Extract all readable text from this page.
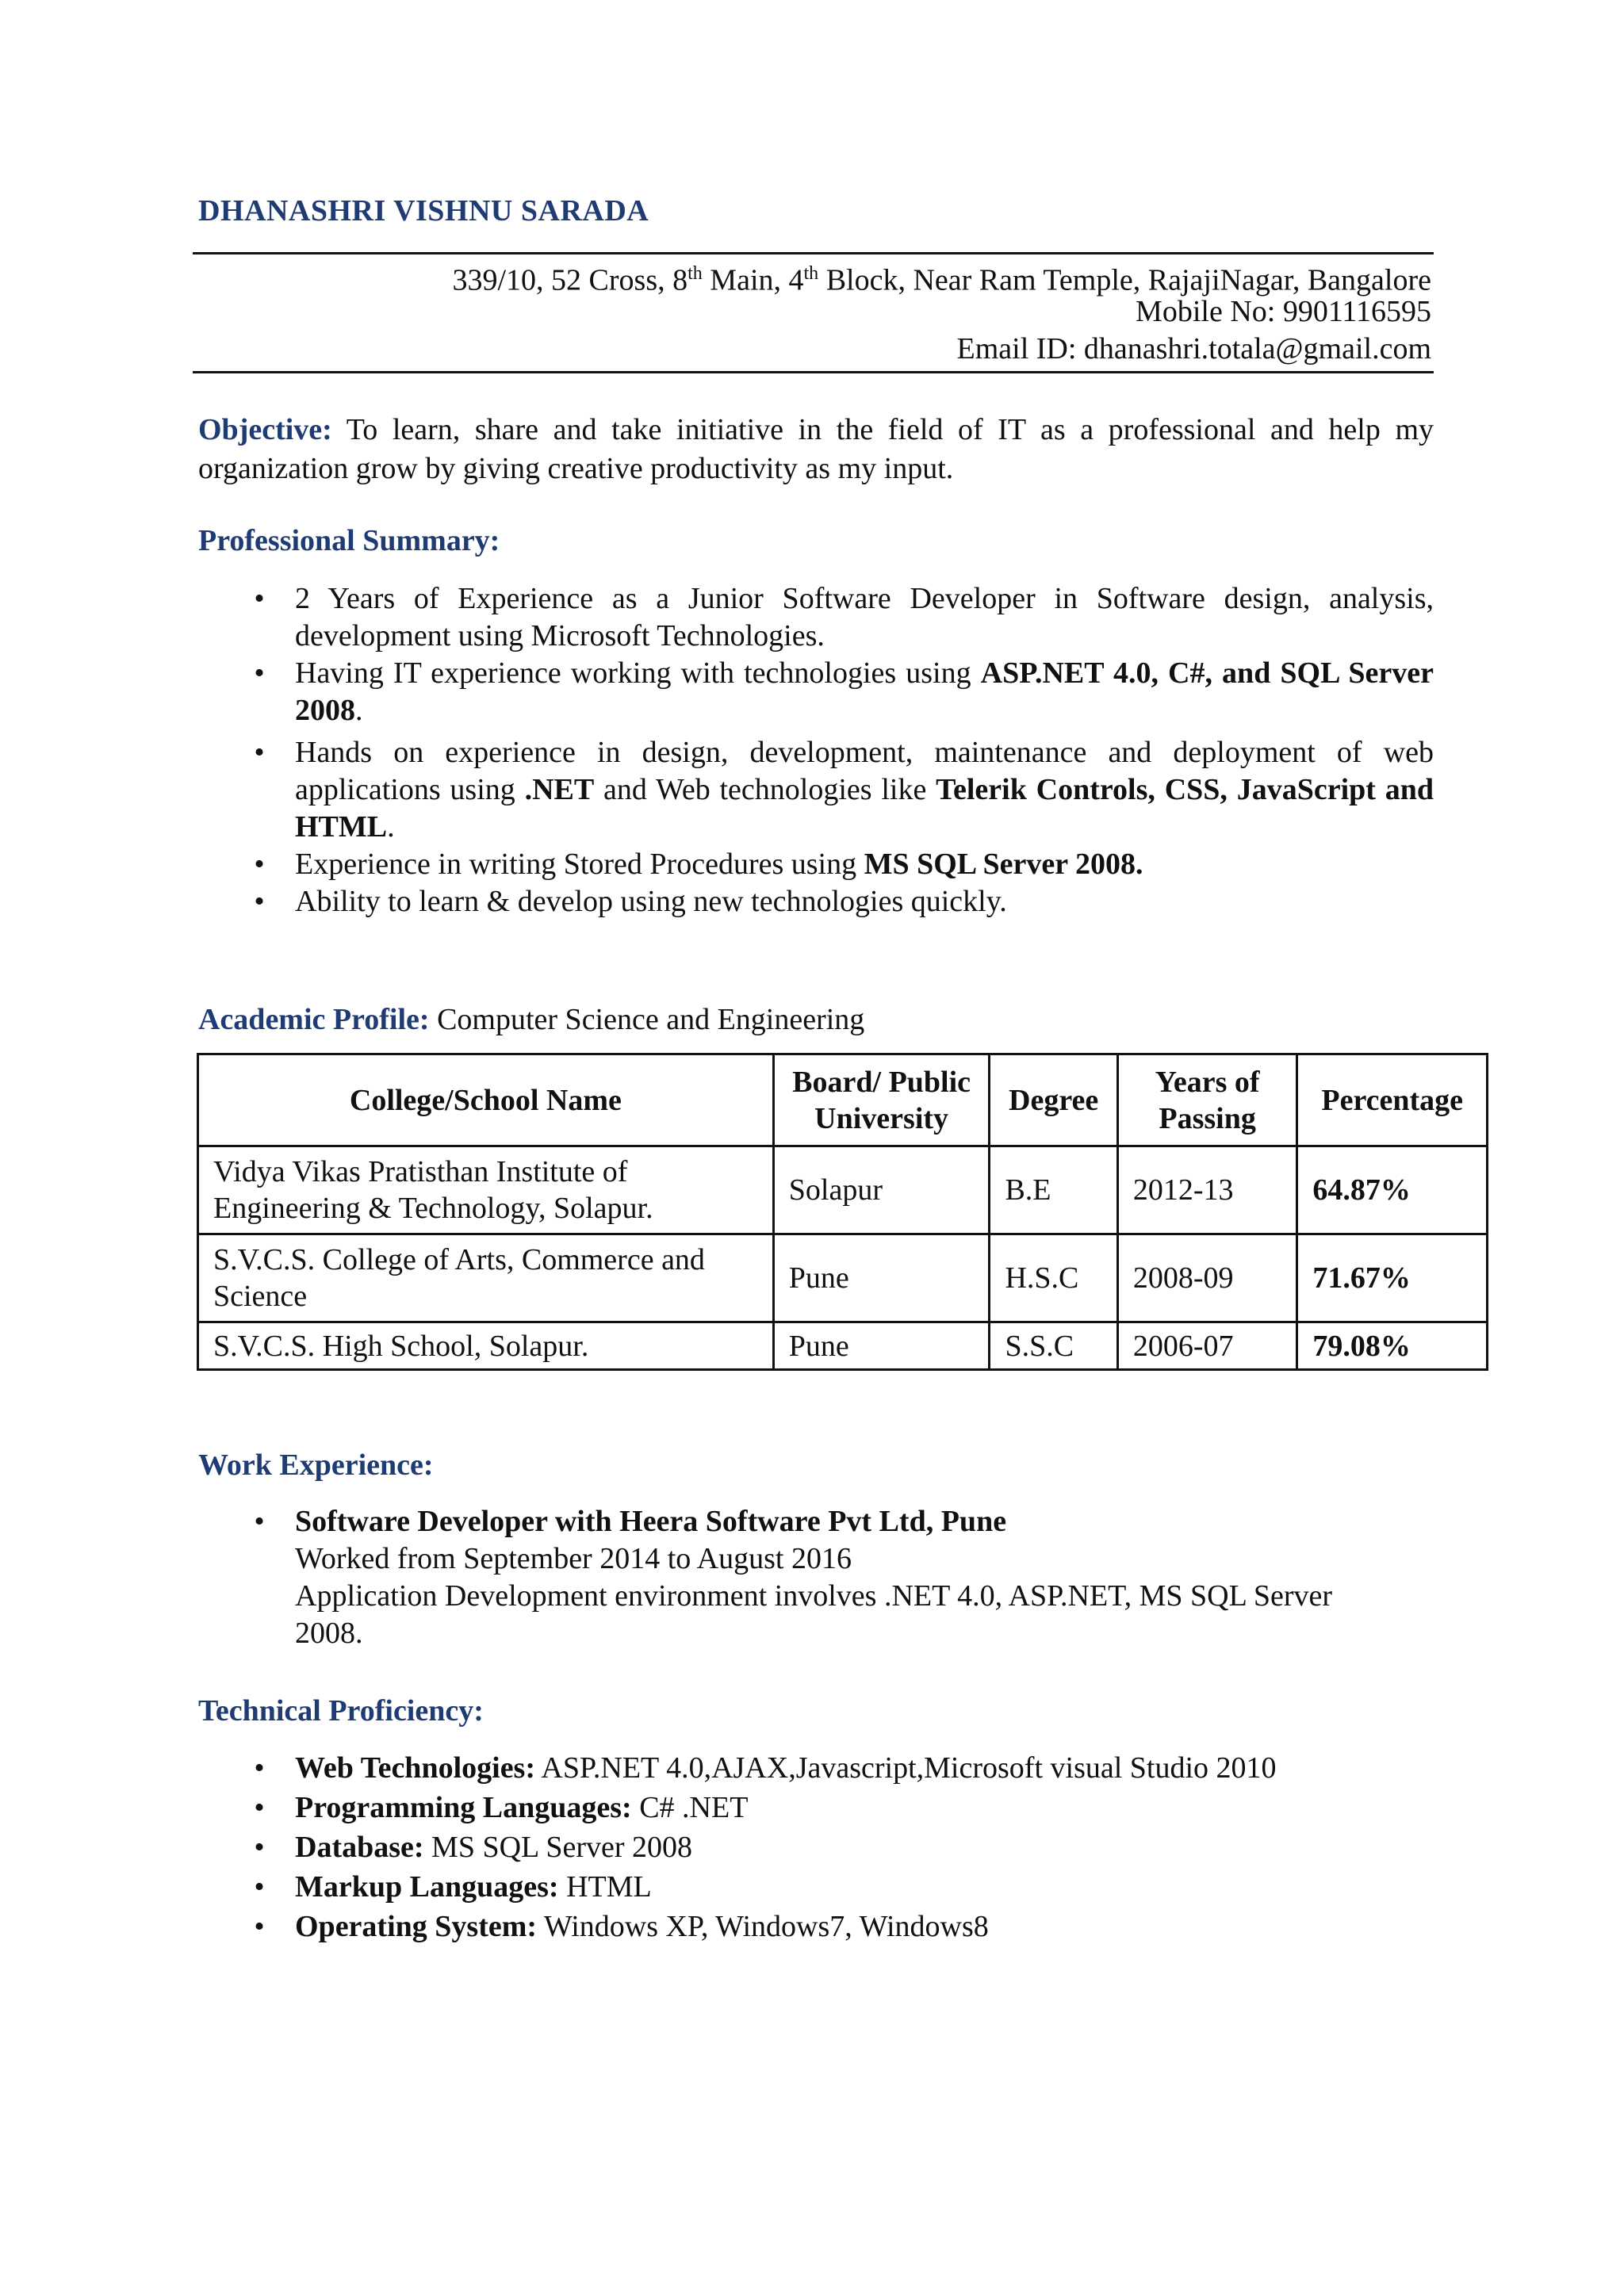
DHANASHRI VISHNU SARADA
339/10, 52 Cross, 8th Main, 4th Block, Near Ram Temple, RajajiNagar, Bangalore
Mobile No: 9901116595
Email ID: dhanashri.totala@gmail.com
Objective: To learn, share and take initiative in the field of IT as a professional and help my organization grow by giving creative productivity as my input.
Professional Summary:
• 2 Years of Experience as a Junior Software Developer in Software design, analysis, development using Microsoft Technologies.
• Having IT experience working with technologies using ASP.NET 4.0, C#, and SQL Server 2008.
• Hands on experience in design, development, maintenance and deployment of web applications using .NET and Web technologies like Telerik Controls, CSS, JavaScript and HTML.
• Experience in writing Stored Procedures using MS SQL Server 2008.
• Ability to learn & develop using new technologies quickly.
Academic Profile: Computer Science and Engineering
College/School Name	Board/ Public University	Degree	Years of Passing	Percentage
Vidya Vikas Pratisthan Institute of Engineering & Technology, Solapur.	Solapur	B.E	2012-13	64.87%
S.V.C.S. College of Arts, Commerce and Science	Pune	H.S.C	2008-09	71.67%
S.V.C.S. High School, Solapur.	Pune	S.S.C	2006-07	79.08%
Work Experience:
• Software Developer with Heera Software Pvt Ltd, Pune
Worked from September 2014 to August 2016
Application Development environment involves .NET 4.0, ASP.NET, MS SQL Server 2008.
Technical Proficiency:
• Web Technologies: ASP.NET 4.0,AJAX,Javascript,Microsoft visual Studio 2010
• Programming Languages: C# .NET
• Database: MS SQL Server 2008
• Markup Languages: HTML
• Operating System: Windows XP, Windows7, Windows8
